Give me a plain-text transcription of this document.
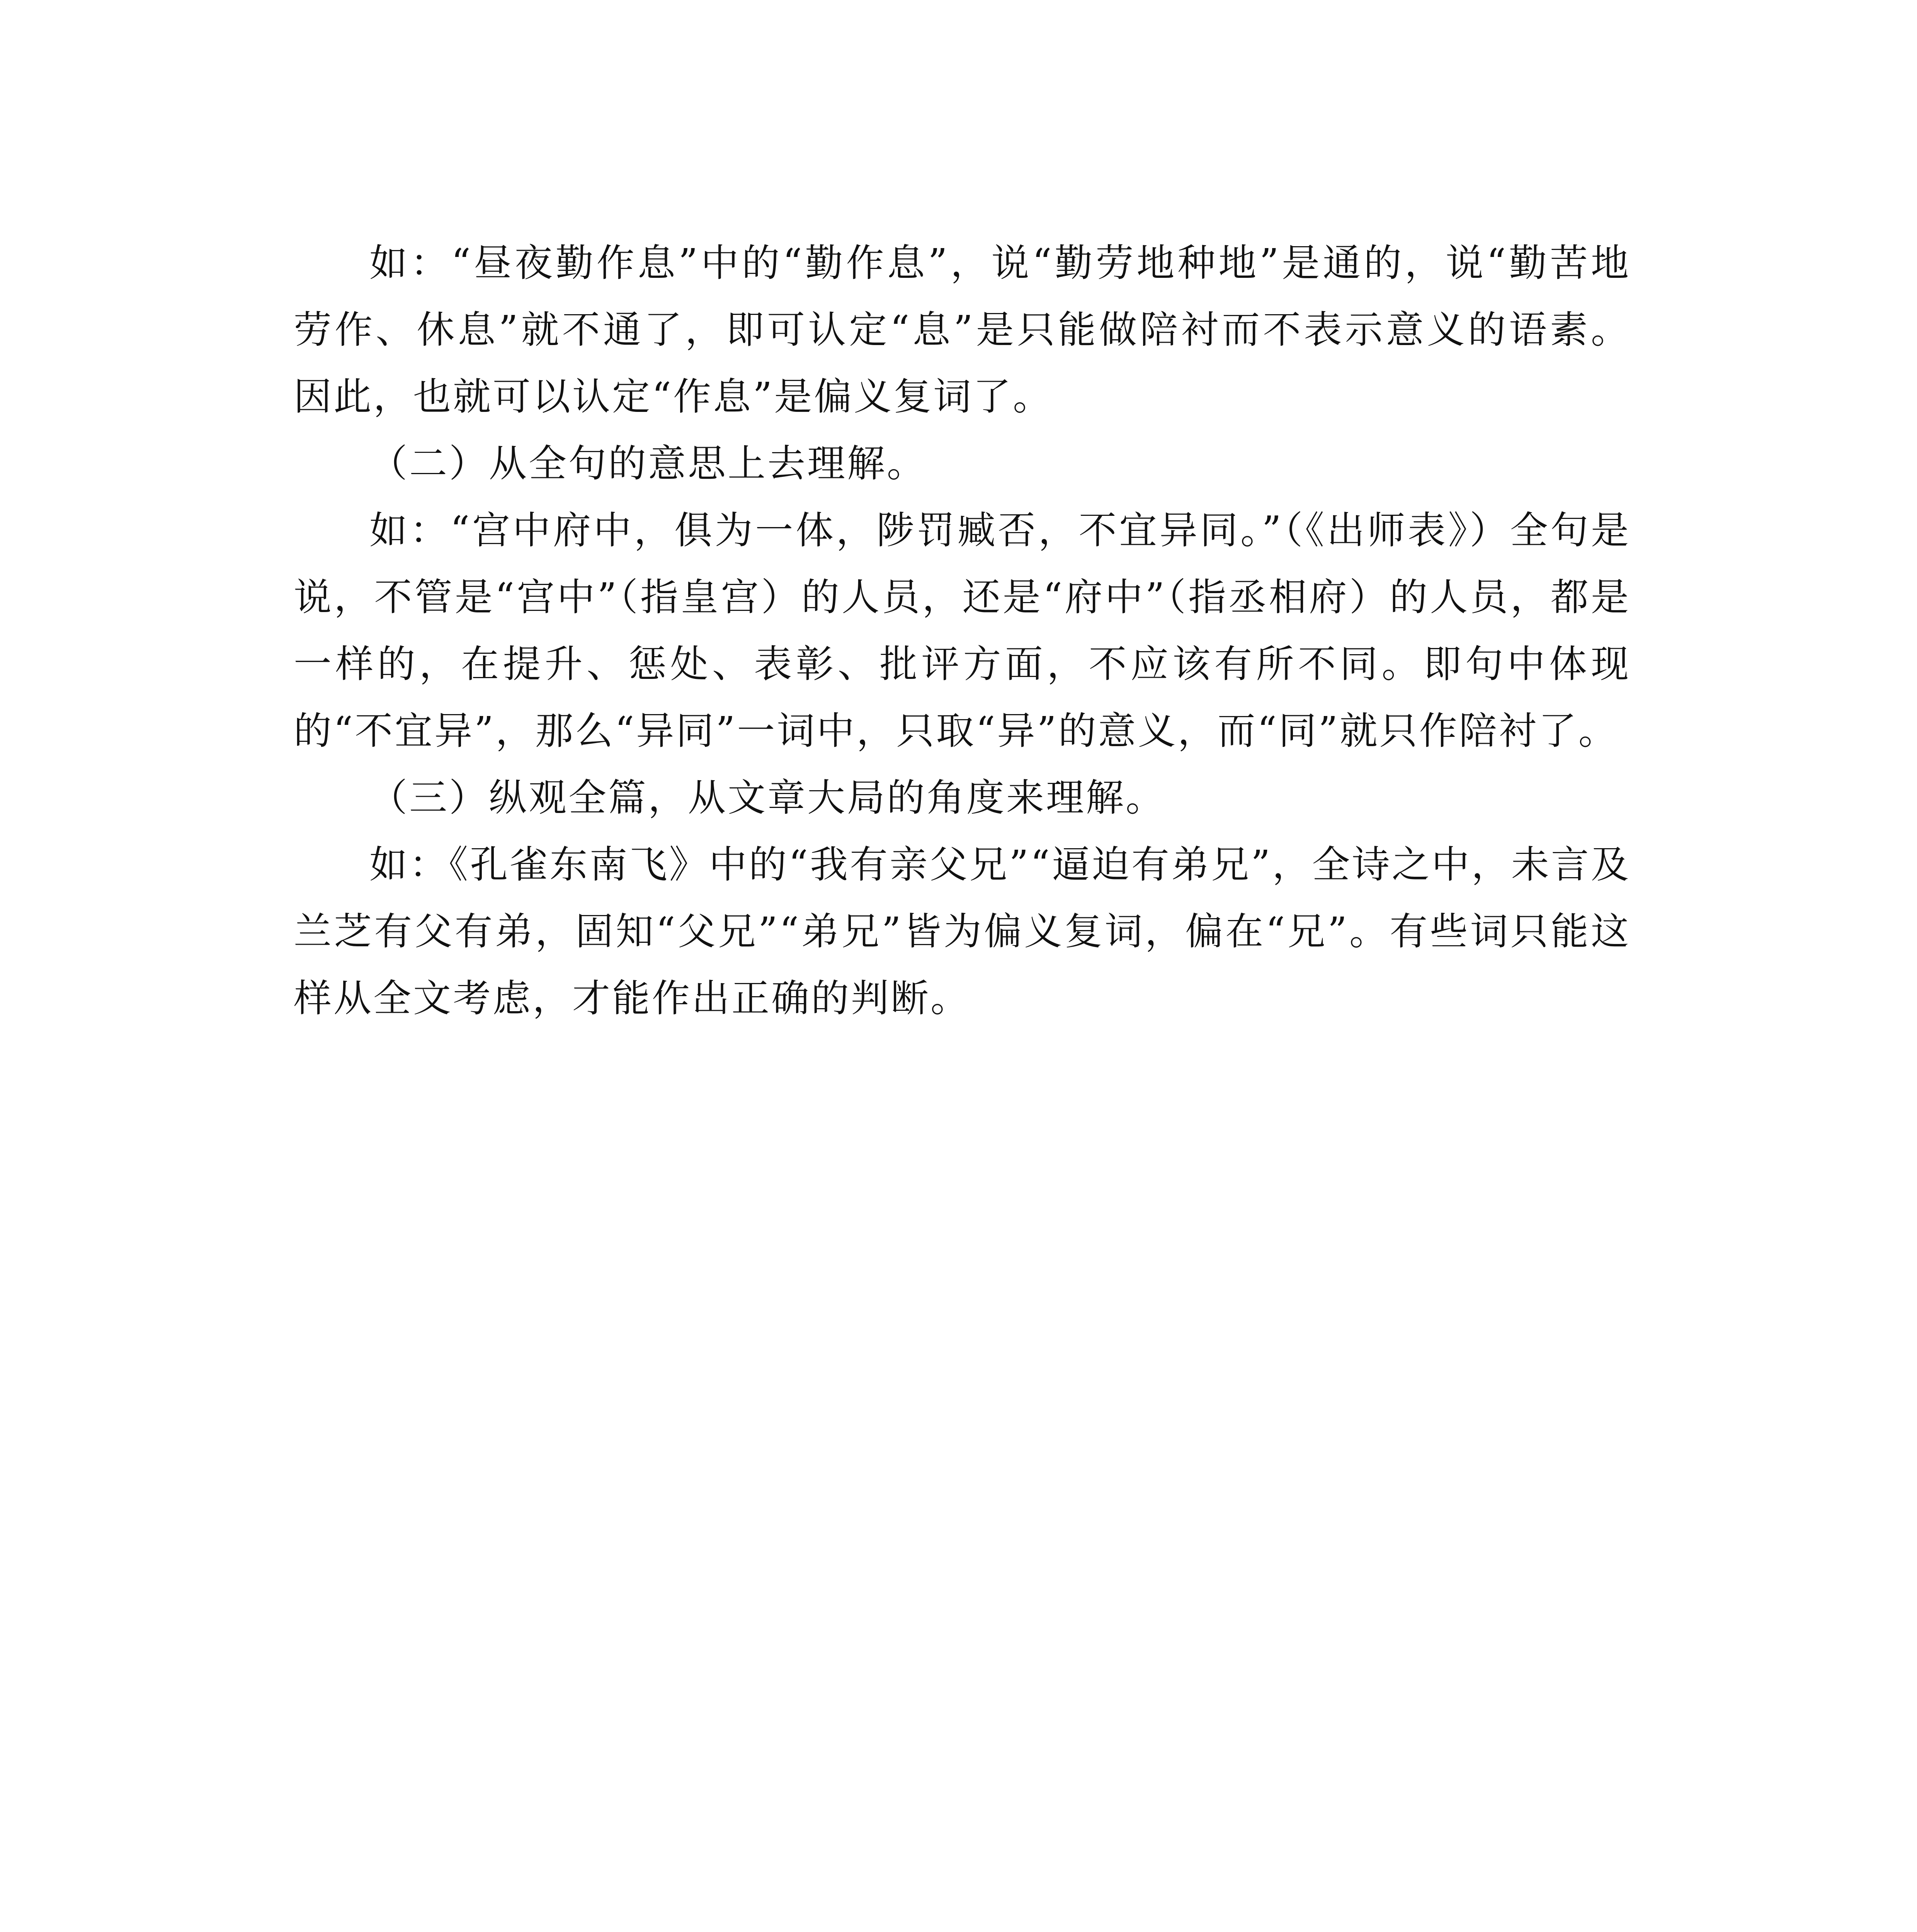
如：“昼夜勤作息”中的“勤作息”，说“勤劳地种地”是通的，说“勤苦地劳作、休息”就不通了，即可认定“息”是只能做陪衬而不表示意义的语素。因此，也就可以认定“作息”是偏义复词了。

（二）从全句的意思上去理解。

如：“宫中府中，俱为一体，陟罚臧否，不宜异同。”（《出师表》）全句是说，不管是“宫中”（指皇宫）的人员，还是“府中”（指丞相府）的人员，都是一样的，在提升、惩处、表彰、批评方面，不应该有所不同。即句中体现的“不宜异”，那么“异同”一词中，只取“异”的意义，而“同”就只作陪衬了。

（三）纵观全篇，从文章大局的角度来理解。

如：《孔雀东南飞》中的“我有亲父兄”“逼迫有弟兄”，全诗之中，未言及兰芝有父有弟，固知“父兄”“弟兄”皆为偏义复词，偏在“兄”。有些词只能这样从全文考虑，才能作出正确的判断。
